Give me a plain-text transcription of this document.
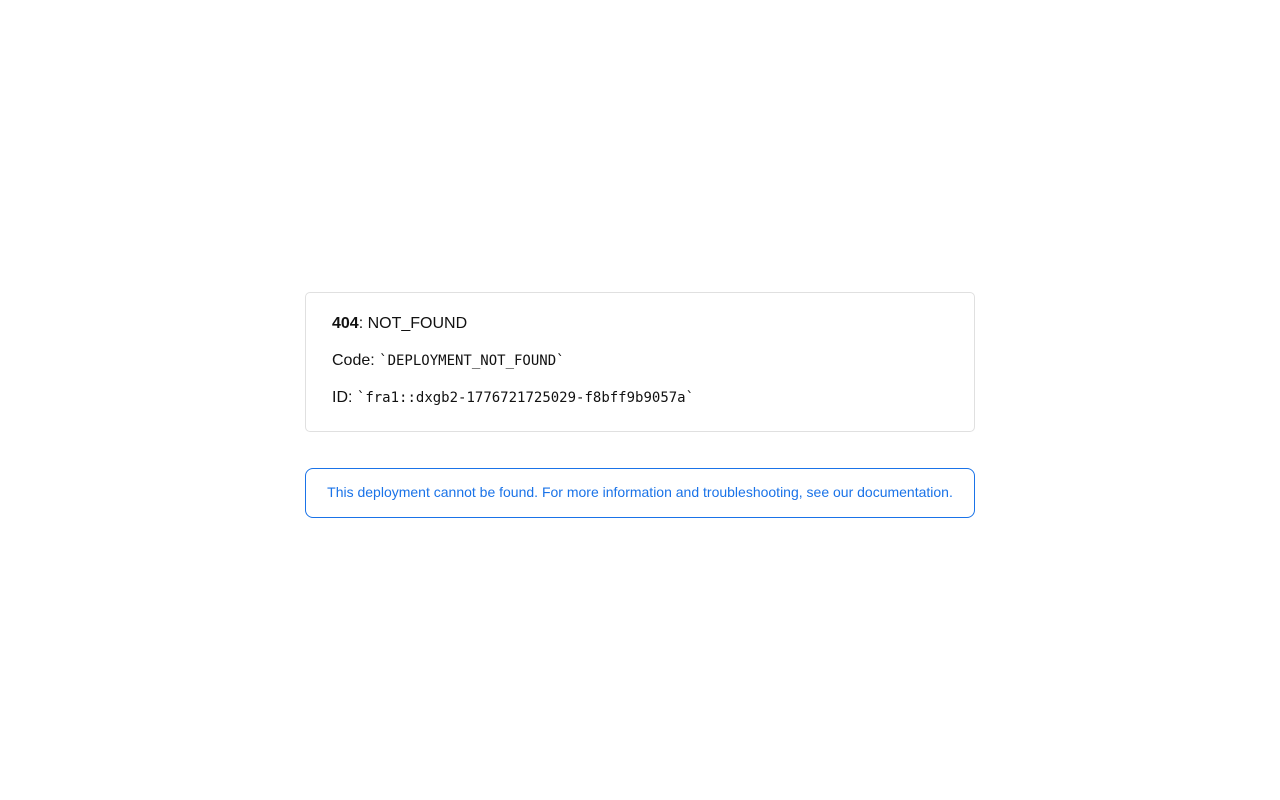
404: NOT_FOUND

Code: `DEPLOYMENT_NOT_FOUND`

ID: `fra1::dxgb2-1776721725029-f8bff9b9057a`

This deployment cannot be found. For more information and troubleshooting, see our documentation.
